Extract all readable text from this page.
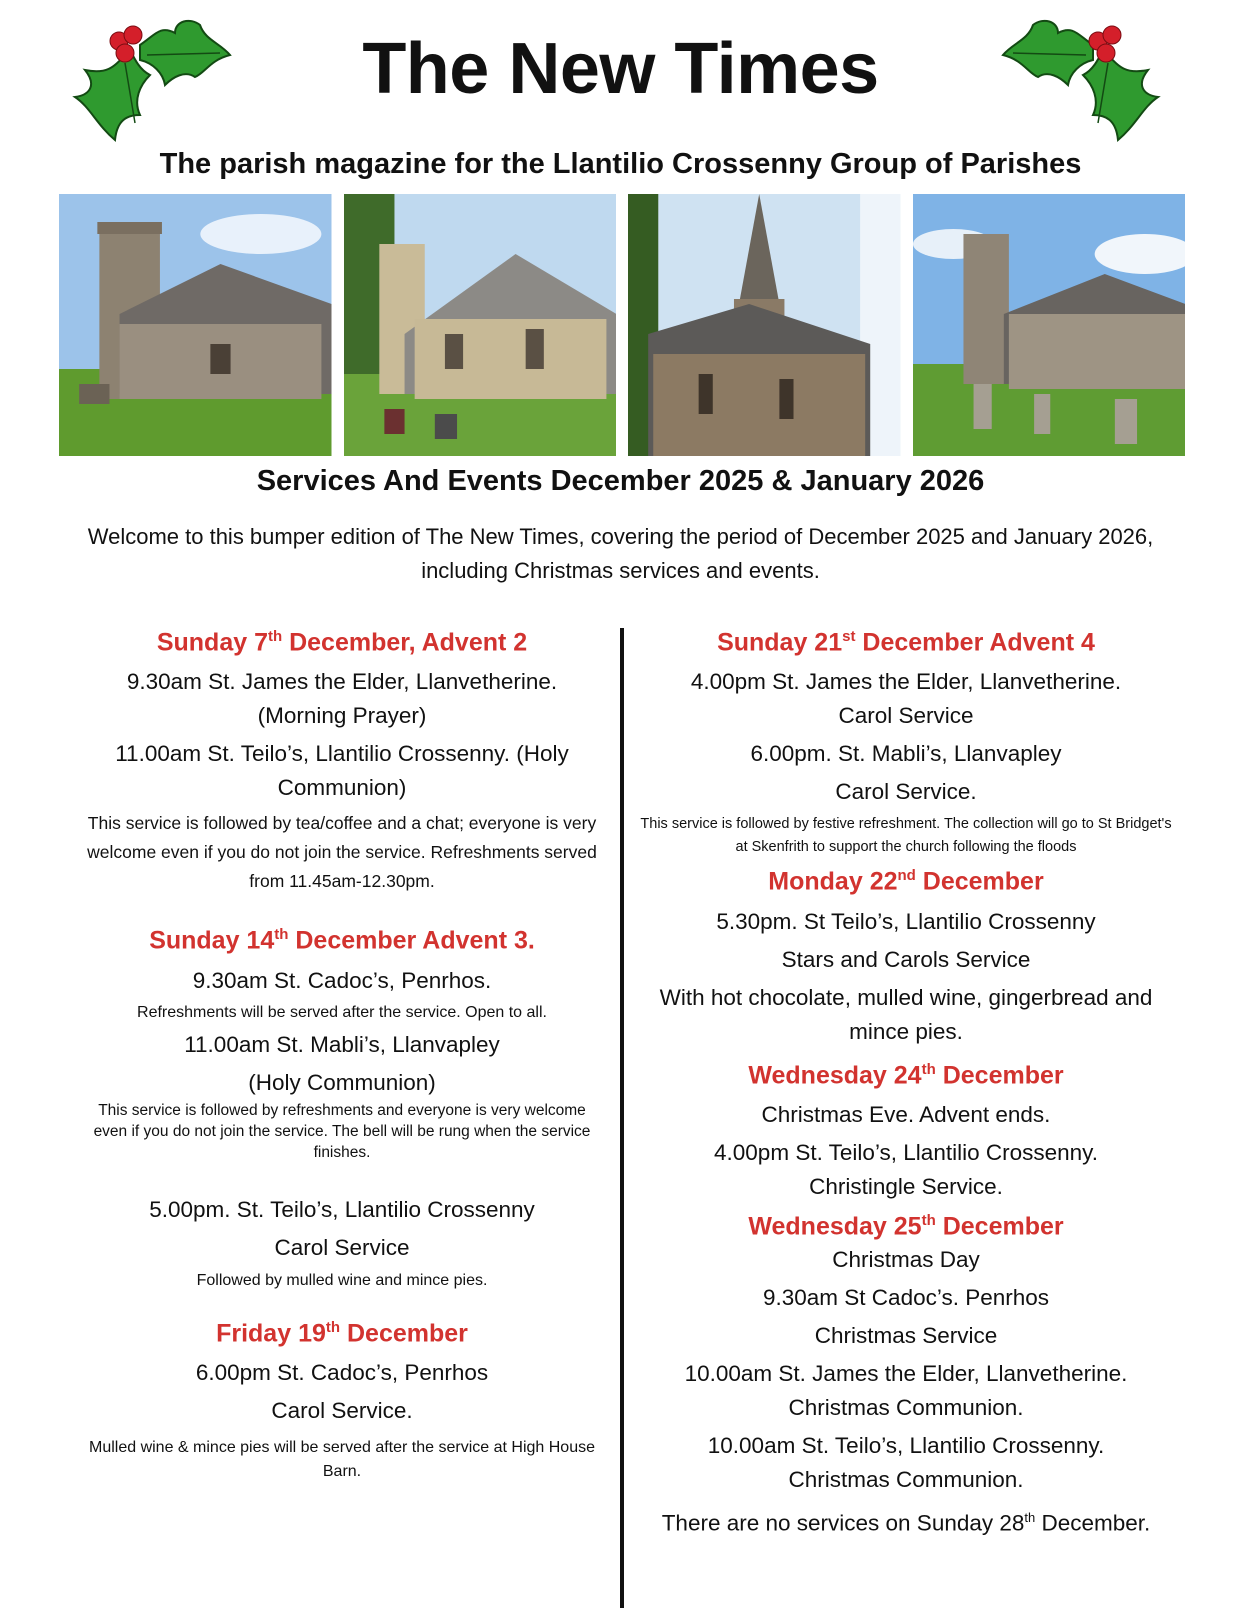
The New Times
The parish magazine for the Llantilio Crossenny Group of Parishes
Services And Events December 2025 & January 2026
Welcome to this bumper edition of The New Times, covering the period of December 2025 and January 2026, including Christmas services and events.
Sunday 7th December, Advent 2

9.30am St. James the Elder, Llanvetherine.

(Morning Prayer)

11.00am St. Teilo’s, Llantilio Crossenny. (Holy Communion)

This service is followed by tea/coffee and a chat; everyone is very welcome even if you do not join the service. Refreshments served from 11.45am-12.30pm.

Sunday 14th December Advent 3.

9.30am St. Cadoc’s, Penrhos.

Refreshments will be served after the service. Open to all.

11.00am St. Mabli’s, Llanvapley

(Holy Communion)

This service is followed by refreshments and everyone is very welcome even if you do not join the service. The bell will be rung when the service finishes.

5.00pm. St. Teilo’s, Llantilio Crossenny

Carol Service

Followed by mulled wine and mince pies.

Friday 19th December

6.00pm St. Cadoc’s, Penrhos

Carol Service.

Mulled wine & mince pies will be served after the service at High House Barn.

Sunday 21st December Advent 4

4.00pm St. James the Elder, Llanvetherine.

Carol Service

6.00pm. St. Mabli’s, Llanvapley

Carol Service.

This service is followed by festive refreshment. The collection will go to St Bridget's at Skenfrith to support the church following the floods

Monday 22nd December

5.30pm. St Teilo’s, Llantilio Crossenny

Stars and Carols Service

With hot chocolate, mulled wine, gingerbread and mince pies.

Wednesday 24th December

Christmas Eve. Advent ends.

4.00pm St. Teilo’s, Llantilio Crossenny.

Christingle Service.

Wednesday 25th December

Christmas Day

9.30am St Cadoc’s. Penrhos

Christmas Service

10.00am St. James the Elder, Llanvetherine.

Christmas Communion.

10.00am St. Teilo’s, Llantilio Crossenny.

Christmas Communion.

There are no services on Sunday 28th December.
